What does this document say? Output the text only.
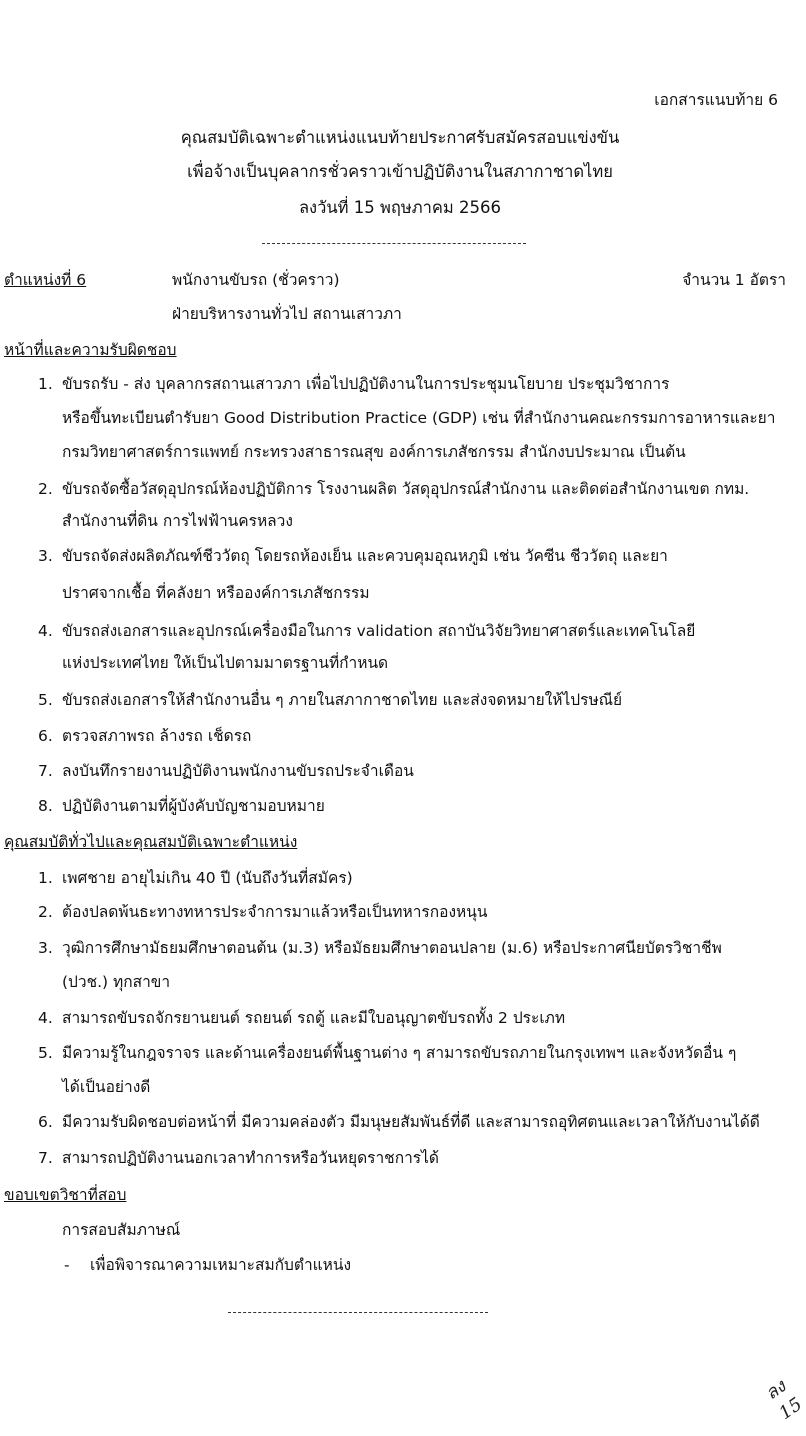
เอกสารแนบท้าย 6
คุณสมบัติเฉพาะตำแหน่งแนบท้ายประกาศรับสมัครสอบแข่งขัน
เพื่อจ้างเป็นบุคลากรชั่วคราวเข้าปฏิบัติงานในสภากาชาดไทย
ลงวันที่ 15 พฤษภาคม 2566
ตำแหน่งที่ 6	พนักงานขับรถ (ชั่วคราว)	จำนวน 1 อัตรา
ฝ่ายบริหารงานทั่วไป สถานเสาวภา
หน้าที่และความรับผิดชอบ
1. ขับรถรับ - ส่ง บุคลากรสถานเสาวภา เพื่อไปปฏิบัติงานในการประชุมนโยบาย ประชุมวิชาการ
หรือขึ้นทะเบียนตำรับยา Good Distribution Practice (GDP) เช่น ที่สำนักงานคณะกรรมการอาหารและยา
กรมวิทยาศาสตร์การแพทย์ กระทรวงสาธารณสุข องค์การเภสัชกรรม สำนักงบประมาณ เป็นต้น
2. ขับรถจัดซื้อวัสดุอุปกรณ์ห้องปฏิบัติการ โรงงานผลิต วัสดุอุปกรณ์สำนักงาน และติดต่อสำนักงานเขต กทม.
สำนักงานที่ดิน การไฟฟ้านครหลวง
3. ขับรถจัดส่งผลิตภัณฑ์ชีววัตถุ โดยรถห้องเย็น และควบคุมอุณหภูมิ เช่น วัคซีน ชีววัตถุ และยา
ปราศจากเชื้อ ที่คลังยา หรือองค์การเภสัชกรรม
4. ขับรถส่งเอกสารและอุปกรณ์เครื่องมือในการ validation สถาบันวิจัยวิทยาศาสตร์และเทคโนโลยี
แห่งประเทศไทย ให้เป็นไปตามมาตรฐานที่กำหนด
5. ขับรถส่งเอกสารให้สำนักงานอื่น ๆ ภายในสภากาชาดไทย และส่งจดหมายให้ไปรษณีย์
6. ตรวจสภาพรถ ล้างรถ เช็ดรถ
7. ลงบันทึกรายงานปฏิบัติงานพนักงานขับรถประจำเดือน
8. ปฏิบัติงานตามที่ผู้บังคับบัญชามอบหมาย
คุณสมบัติทั่วไปและคุณสมบัติเฉพาะตำแหน่ง
1. เพศชาย อายุไม่เกิน 40 ปี (นับถึงวันที่สมัคร)
2. ต้องปลดพ้นธะทางทหารประจำการมาแล้วหรือเป็นทหารกองหนุน
3. วุฒิการศึกษามัธยมศึกษาตอนต้น (ม.3) หรือมัธยมศึกษาตอนปลาย (ม.6) หรือประกาศนียบัตรวิชาชีพ
(ปวช.) ทุกสาขา
4. สามารถขับรถจักรยานยนต์ รถยนต์ รถตู้ และมีใบอนุญาตขับรถทั้ง 2 ประเภท
5. มีความรู้ในกฎจราจร และด้านเครื่องยนต์พื้นฐานต่าง ๆ สามารถขับรถภายในกรุงเทพฯ และจังหวัดอื่น ๆ
ได้เป็นอย่างดี
6. มีความรับผิดชอบต่อหน้าที่ มีความคล่องตัว มีมนุษยสัมพันธ์ที่ดี และสามารถอุทิศตนและเวลาให้กับงานได้ดี
7. สามารถปฏิบัติงานนอกเวลาทำการหรือวันหยุดราชการได้
ขอบเขตวิชาที่สอบ
การสอบสัมภาษณ์
- เพื่อพิจารณาความเหมาะสมกับตำแหน่ง
ลง
15
